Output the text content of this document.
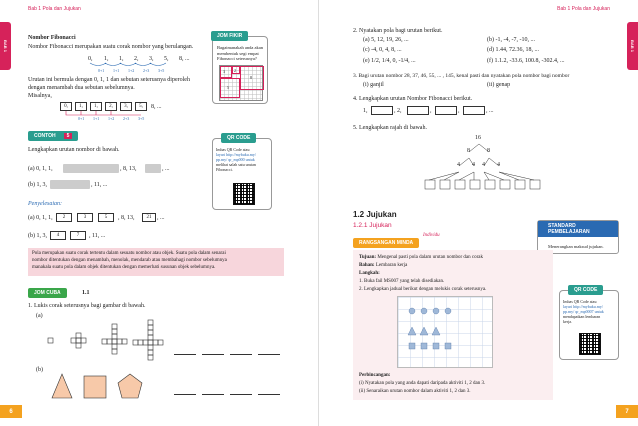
BAB 1
Bab 1 Pola dan Jujukan
Nombor Fibonacci
Nombor Fibonacci merupakan suatu corak nombor yang berulangan.
0, 1, 1, 2, 3, 5, 8, ...
0+1 1+1 1+2 2+3 3+5
Urutan ini bermula dengan 0, 1, 1 dan sebutan seterusnya diperoleh
dengan menambah dua sebutan sebelumnya.
Misalnya,
0,	1,	1,	2,	3,	5,	8, ...
0+1 1+1 1+2 2+3 3+5
JOM FIKIR
Bagaimanakah anda akan
membentuk segi empat
Fibonacci seterusnya?
3 2
8
5
CONTOH	5
Lengkapkan urutan nombor di bawah.
(a) 0, 1, 1,	, 8, 13,	, ...
(b) 1, 3,	, 11, ...
QR CODE
Imbas QR Code atau
layari http://mybuku.my/
pp.my/ qr_mp000 untuk
melihat salah satu urutan
Fibonacci.
Penyelesaian:
(a) 0, 1, 1,	2	3	5	, 8, 13,	21 , ...
(b) 1, 3,	4	7	, 11, ...
Pola merupakan suatu corak tertentu dalam sesuatu nombor atau objek. Suatu pola dalam senarai
nombor ditentukan dengan menambah, menolak, mendarab atau membahagi nombor sebelumnya
manakala suatu pola dalam objek ditentukan dengan memerhati susunan objek sebelumnya.
JOM CUBA	1.1
1. Lukis corak seterusnya bagi gambar di bawah.
(a)
(b)
6
BAB 1
Bab 1 Pola dan Jujukan
2. Nyatakan pola bagi urutan berikut.
(a) 5, 12, 19, 26, ...	(b) -1, -4, -7, -10, ...
(c) -4, 0, 4, 8, ...	(d) 1.44, 72.36, 18, ...
(e) 1/2, 1/4, 0, -1/4, ...	(f) 1.1.2, -33.6, 100.8, -302.4, ...
3. Bagi urutan nombor 28, 37, 46, 55, ... , 145, kenal pasti dan nyatakan pola nombor bagi nombor
(i) ganjil	(ii) genap
4. Lengkapkan urutan Nombor Fibonacci berikut.
1,	, 2,	,	,	, ...
5. Lengkapkan rajah di bawah.
16
8	8
4 4 4 4
1.2 Jujukan
1.2.1 Jujukan	STANDARD
PEMBELAJARAN
Menerangkan maksud jujukan.
RANGSANGAN MINDA
Individu
Tujuan: Mengenal pasti pola dalam urutan nombor dan corak
Bahan: Lembaran kerja
Langkah:
1. Buka fail MS007 yang telah disediakan.
2. Lengkapkan jadual berikut dengan melukis corak seterusnya.
Perbincangan:
(i) Nyatakan pola yang anda dapati daripada aktiviti 1, 2 dan 3.
(ii) Senaraikan urutan nombor dalam aktiviti 1, 2 dan 3.
QR CODE
Imbas QR Code atau
layari http://mybuku.my/
pp.my/ qr_mp0007 untuk
mendapatkan lembaran
kerja.
7
